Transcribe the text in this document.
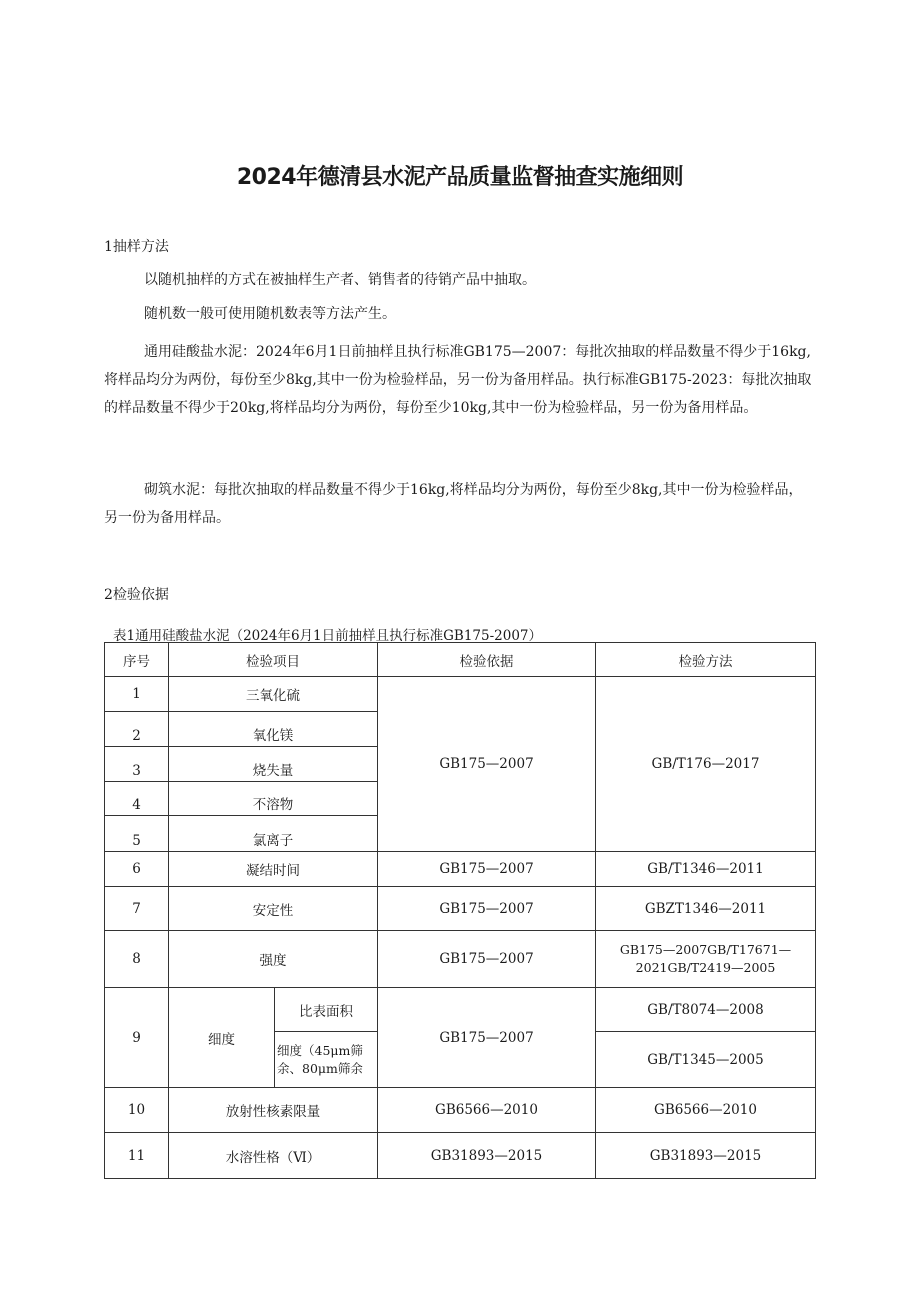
2024年德清县水泥产品质量监督抽查实施细则
1抽样方法
以随机抽样的方式在被抽样生产者、销售者的待销产品中抽取。
随机数一般可使用随机数表等方法产生。
通用硅酸盐水泥：2024年6月1日前抽样且执行标准GB175—2007：每批次抽取的样品数量不得少于16kg,将样品均分为两份，每份至少8kg,其中一份为检验样品，另一份为备用样品。执行标准GB175-2023：每批次抽取的样品数量不得少于20kg,将样品均分为两份，每份至少10kg,其中一份为检验样品，另一份为备用样品。
砌筑水泥：每批次抽取的样品数量不得少于16kg,将样品均分为两份，每份至少8kg,其中一份为检验样品，另一份为备用样品。
2检验依据
表1通用硅酸盐水泥（2024年6月1日前抽样且执行标准GB175-2007）
序号	检验项目		检验依据	检验方法
1	三氧化硫		GB175—2007	GB/T176—2017
2	氧化镁			
3	烧失量			
4	不溶物			
5	氯离子			
6	凝结时间		GB175—2007	GB/T1346—2011
7	安定性		GB175—2007	GBZT1346—2011
8	强度		GB175—2007	GB175—2007GB/T17671—
2021GB/T2419—2005

9	细度	比表面积	GB175—2007	GB/T8074—2008

		细度（45μm筛
余、80μm筛余		GB/T1345—2005
10	放射性核素限量		GB6566—2010	GB6566—2010
11	水溶性格（Ⅵ）		GB31893—2015	GB31893—2015
